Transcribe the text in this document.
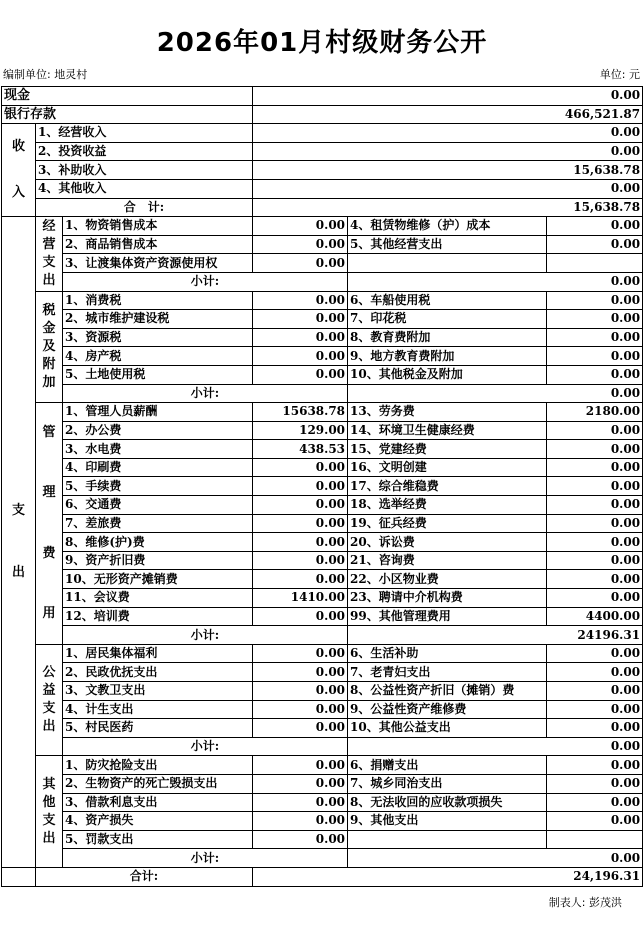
2026年01月村级财务公开
编制单位: 地灵村	单位: 元
现金			0.00		
银行存款			466,521.87		

收
入	1、经营收入		0.00		
	2、投资收益		0.00		
	3、补助收入		15,638.78		
	4、其他收入		0.00		
	合　计:		15,638.78		

支
出	经营支出	1、物资销售成本	0.00	4、租赁物维修（护）成本	0.00
		2、商品销售成本	0.00	5、其他经营支出	0.00
		3、让渡集体资产资源使用权	0.00		
		小计:		0.00	

	税金及附加	1、消费税	0.00	6、车船使用税	0.00
		2、城市维护建设税	0.00	7、印花税	0.00
		3、资源税	0.00	8、教育费附加	0.00
		4、房产税	0.00	9、地方教育费附加	0.00
		5、土地使用税	0.00	10、其他税金及附加	0.00
		小计:		0.00	

	管
理
费
用	1、管理人员薪酬	15638.78	13、劳务费	2180.00
		2、办公费	129.00	14、环境卫生健康经费	0.00
		3、水电费	438.53	15、党建经费	0.00
		4、印刷费	0.00	16、文明创建	0.00
		5、手续费	0.00	17、综合维稳费	0.00
		6、交通费	0.00	18、选举经费	0.00
		7、差旅费	0.00	19、征兵经费	0.00
		8、维修(护)费	0.00	20、诉讼费	0.00
		9、资产折旧费	0.00	21、咨询费	0.00
		10、无形资产摊销费	0.00	22、小区物业费	0.00
		11、会议费	1410.00	23、聘请中介机构费	0.00
		12、培训费	0.00	99、其他管理费用	4400.00
		小计:		24196.31	

	公益支出	1、居民集体福利	0.00	6、生活补助	0.00
		2、民政优抚支出	0.00	7、老青妇支出	0.00
		3、文教卫支出	0.00	8、公益性资产折旧（摊销）费	0.00
		4、计生支出	0.00	9、公益性资产维修费	0.00
		5、村民医药	0.00	10、其他公益支出	0.00
		小计:		0.00	

	其他支出	1、防灾抢险支出	0.00	6、捐赠支出	0.00
		2、生物资产的死亡毁损支出	0.00	7、城乡同治支出	0.00
		3、借款利息支出	0.00	8、无法收回的应收款项损失	0.00
		4、资产损失	0.00	9、其他支出	0.00
		5、罚款支出	0.00		
		小计:		0.00	
	合计:		24,196.31		
制表人: 彭茂洪
